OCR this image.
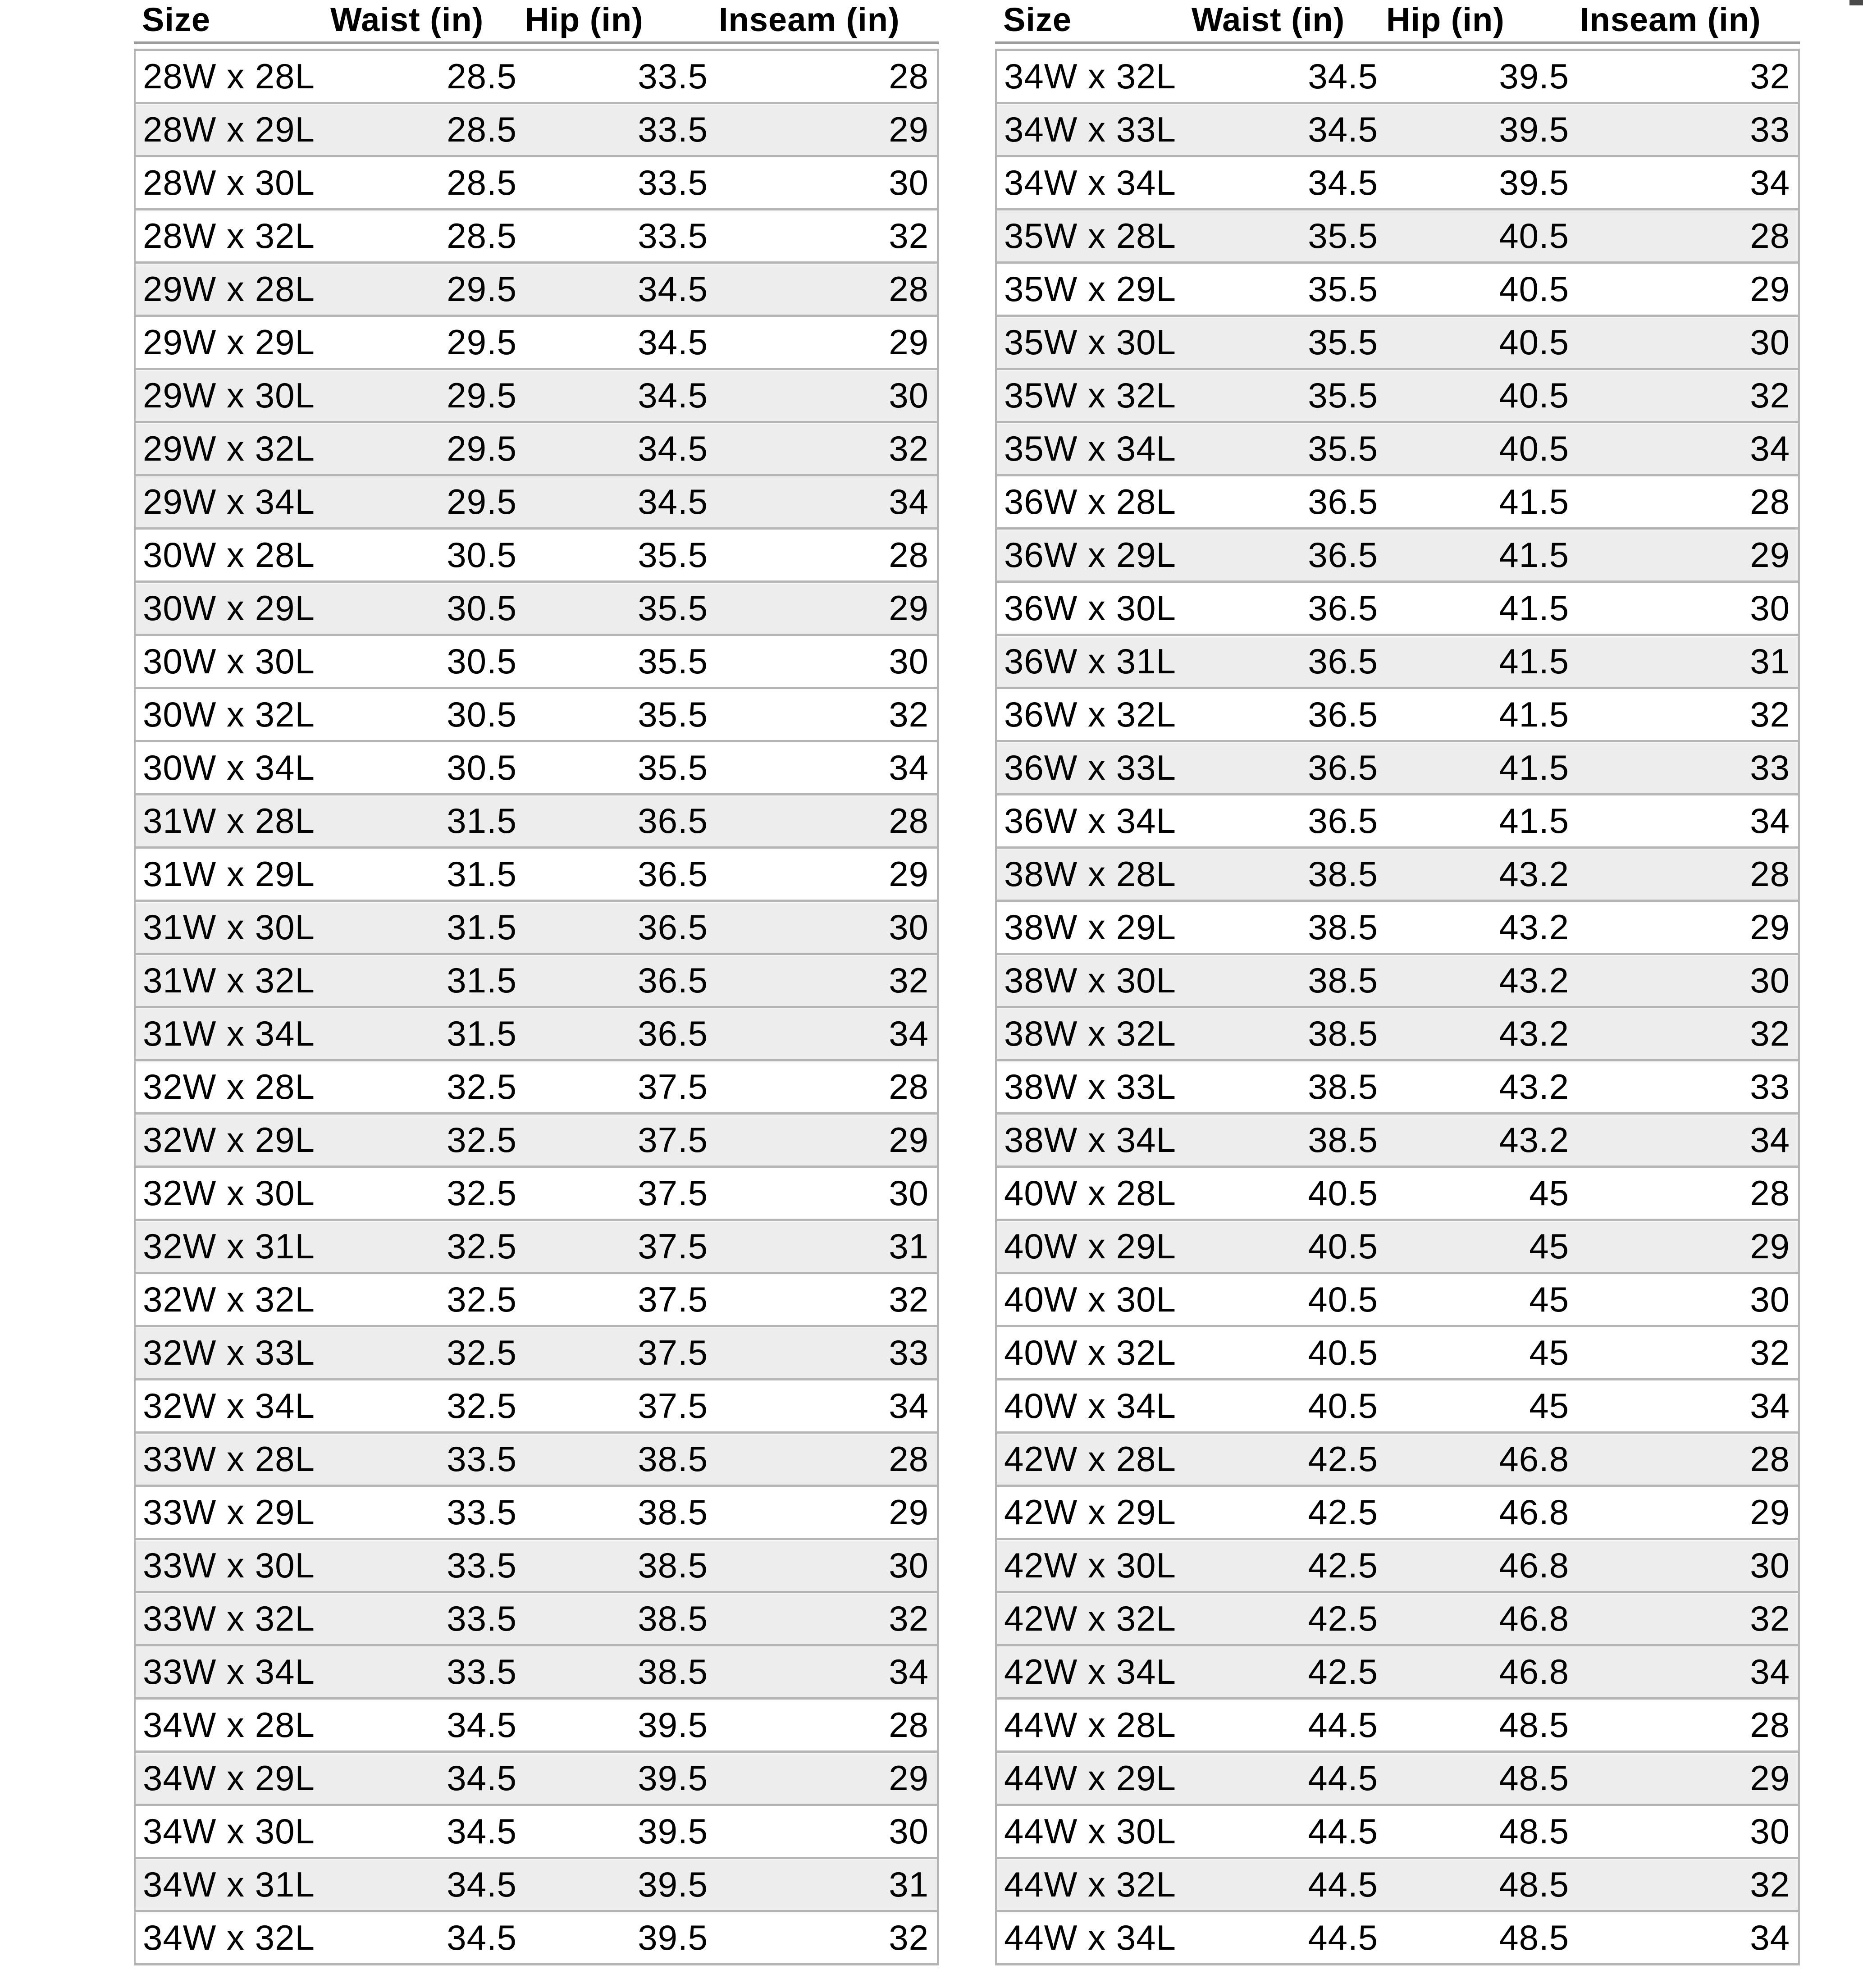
Size	Waist (in) Hip (in) Inseam (in)
28W x 28L	28.5	33.5	28
28W x 29L	28.5	33.5	29
28W x 30L	28.5	33.5	30
28W x 32L	28.5	33.5	32
29W x 28L	29.5	34.5	28
29W x 29L	29.5	34.5	29
29W x 30L	29.5	34.5	30
29W x 32L	29.5	34.5	32
29W x 34L	29.5	34.5	34
30W x 28L	30.5	35.5	28
30W x 29L	30.5	35.5	29
30W x 30L	30.5	35.5	30
30W x 32L	30.5	35.5	32
30W x 34L	30.5	35.5	34
31W x 28L	31.5	36.5	28
31W x 29L	31.5	36.5	29
31W x 30L	31.5	36.5	30
31W x 32L	31.5	36.5	32
31W x 34L	31.5	36.5	34
32W x 28L	32.5	37.5	28
32W x 29L	32.5	37.5	29
32W x 30L	32.5	37.5	30
32W x 31L	32.5	37.5	31
32W x 32L	32.5	37.5	32
32W x 33L	32.5	37.5	33
32W x 34L	32.5	37.5	34
33W x 28L	33.5	38.5	28
33W x 29L	33.5	38.5	29
33W x 30L	33.5	38.5	30
33W x 32L	33.5	38.5	32
33W x 34L	33.5	38.5	34
34W x 28L	34.5	39.5	28
34W x 29L	34.5	39.5	29
34W x 30L	34.5	39.5	30
34W x 31L	34.5	39.5	31
34W x 32L	34.5	39.5	32
Size	Waist (in) Hip (in) Inseam (in)
34W x 32L	34.5	39.5	32
34W x 33L	34.5	39.5	33
34W x 34L	34.5	39.5	34
35W x 28L	35.5	40.5	28
35W x 29L	35.5	40.5	29
35W x 30L	35.5	40.5	30
35W x 32L	35.5	40.5	32
35W x 34L	35.5	40.5	34
36W x 28L	36.5	41.5	28
36W x 29L	36.5	41.5	29
36W x 30L	36.5	41.5	30
36W x 31L	36.5	41.5	31
36W x 32L	36.5	41.5	32
36W x 33L	36.5	41.5	33
36W x 34L	36.5	41.5	34
38W x 28L	38.5	43.2	28
38W x 29L	38.5	43.2	29
38W x 30L	38.5	43.2	30
38W x 32L	38.5	43.2	32
38W x 33L	38.5	43.2	33
38W x 34L	38.5	43.2	34
40W x 28L	40.5	45	28
40W x 29L	40.5	45	29
40W x 30L	40.5	45	30
40W x 32L	40.5	45	32
40W x 34L	40.5	45	34
42W x 28L	42.5	46.8	28
42W x 29L	42.5	46.8	29
42W x 30L	42.5	46.8	30
42W x 32L	42.5	46.8	32
42W x 34L	42.5	46.8	34
44W x 28L	44.5	48.5	28
44W x 29L	44.5	48.5	29
44W x 30L	44.5	48.5	30
44W x 32L	44.5	48.5	32
44W x 34L	44.5	48.5	34
